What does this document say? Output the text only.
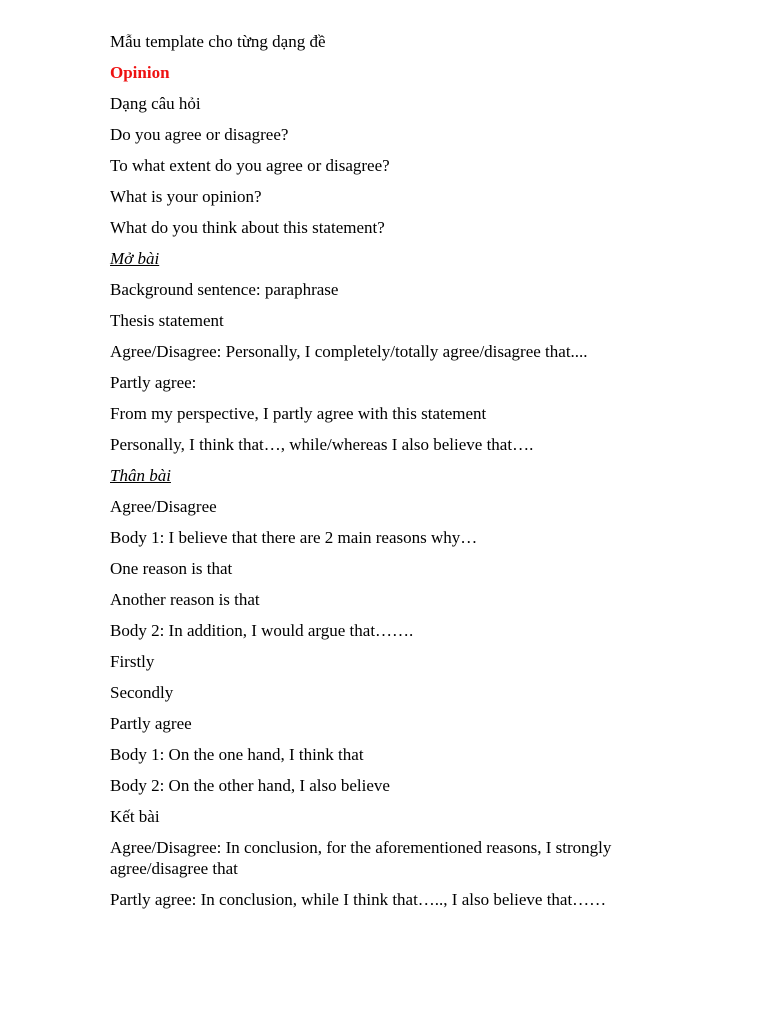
Mẫu template cho từng dạng đề
Opinion
Dạng câu hỏi
Do you agree or disagree?
To what extent do you agree or disagree?
What is your opinion?
What do you think about this statement?
Mở bài
Background sentence: paraphrase
Thesis statement
Agree/Disagree: Personally, I completely/totally agree/disagree that....
Partly agree:
From my perspective, I partly agree with this statement
Personally, I think that…, while/whereas I also believe that….
Thân bài
Agree/Disagree
Body 1: I believe that there are 2 main reasons why…
One reason is that
Another reason is that
Body 2: In addition, I would argue that…….
Firstly
Secondly
Partly agree
Body 1: On the one hand, I think that
Body 2: On the other hand, I also believe
Kết bài
Agree/Disagree: In conclusion, for the aforementioned reasons, I strongly agree/disagree that
Partly agree: In conclusion, while I think that….., I also believe that……
